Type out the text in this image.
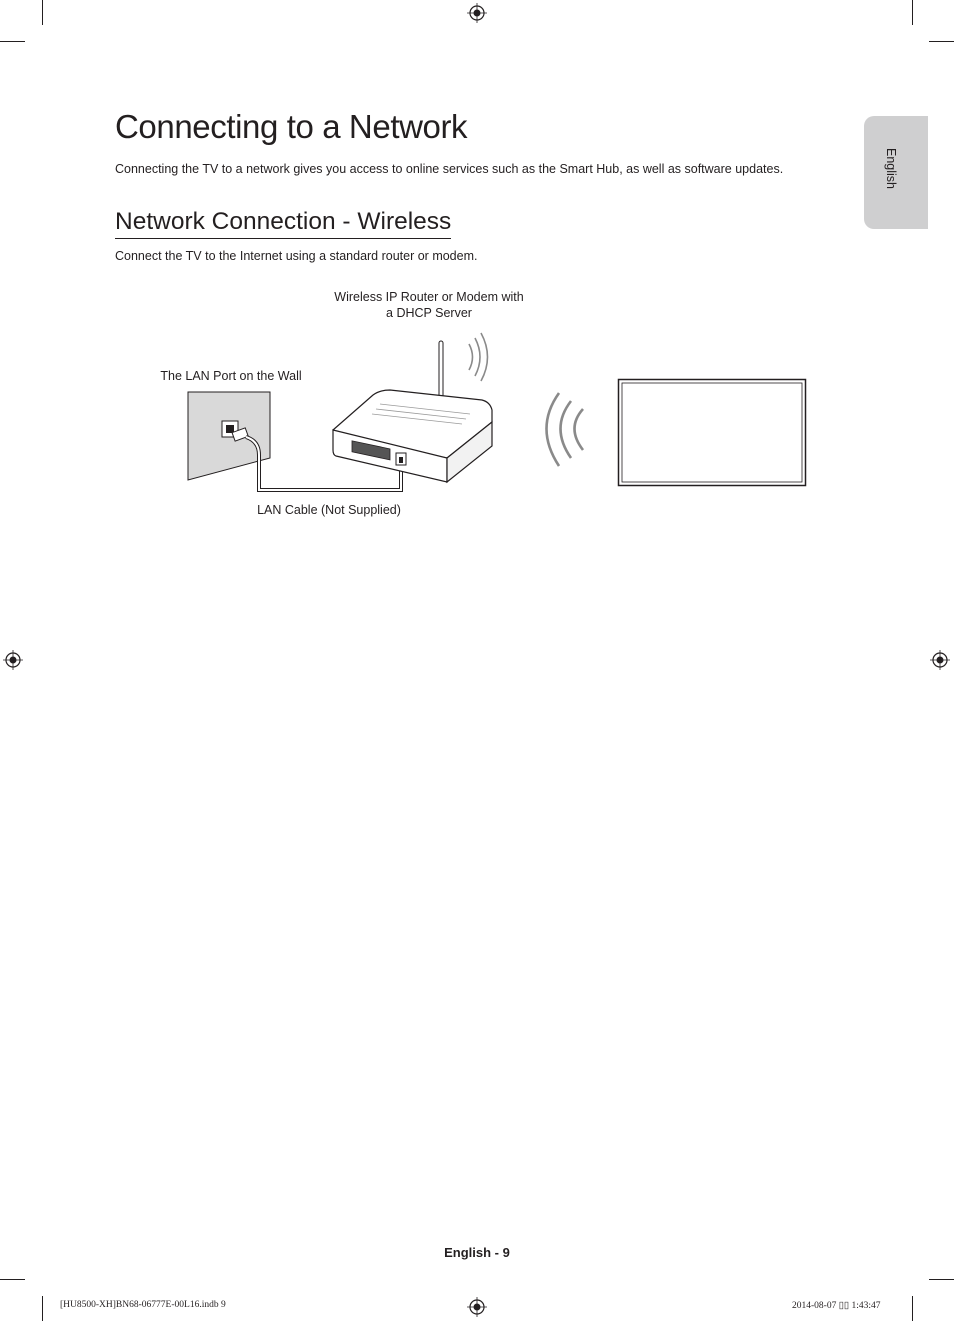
English
Connecting to a Network

Connecting the TV to a network gives you access to online services such as the Smart Hub, as well as software updates.

Network Connection - Wireless

Connect the TV to the Internet using a standard router or modem.

Wireless IP Router or Modem with
a DHCP Server
The LAN Port on the Wall
LAN Cable (Not Supplied)
English - 9
[HU8500-XH]BN68-06777E-00L16.indb 9	2014-08-07 ▯▯ 1:43:47
